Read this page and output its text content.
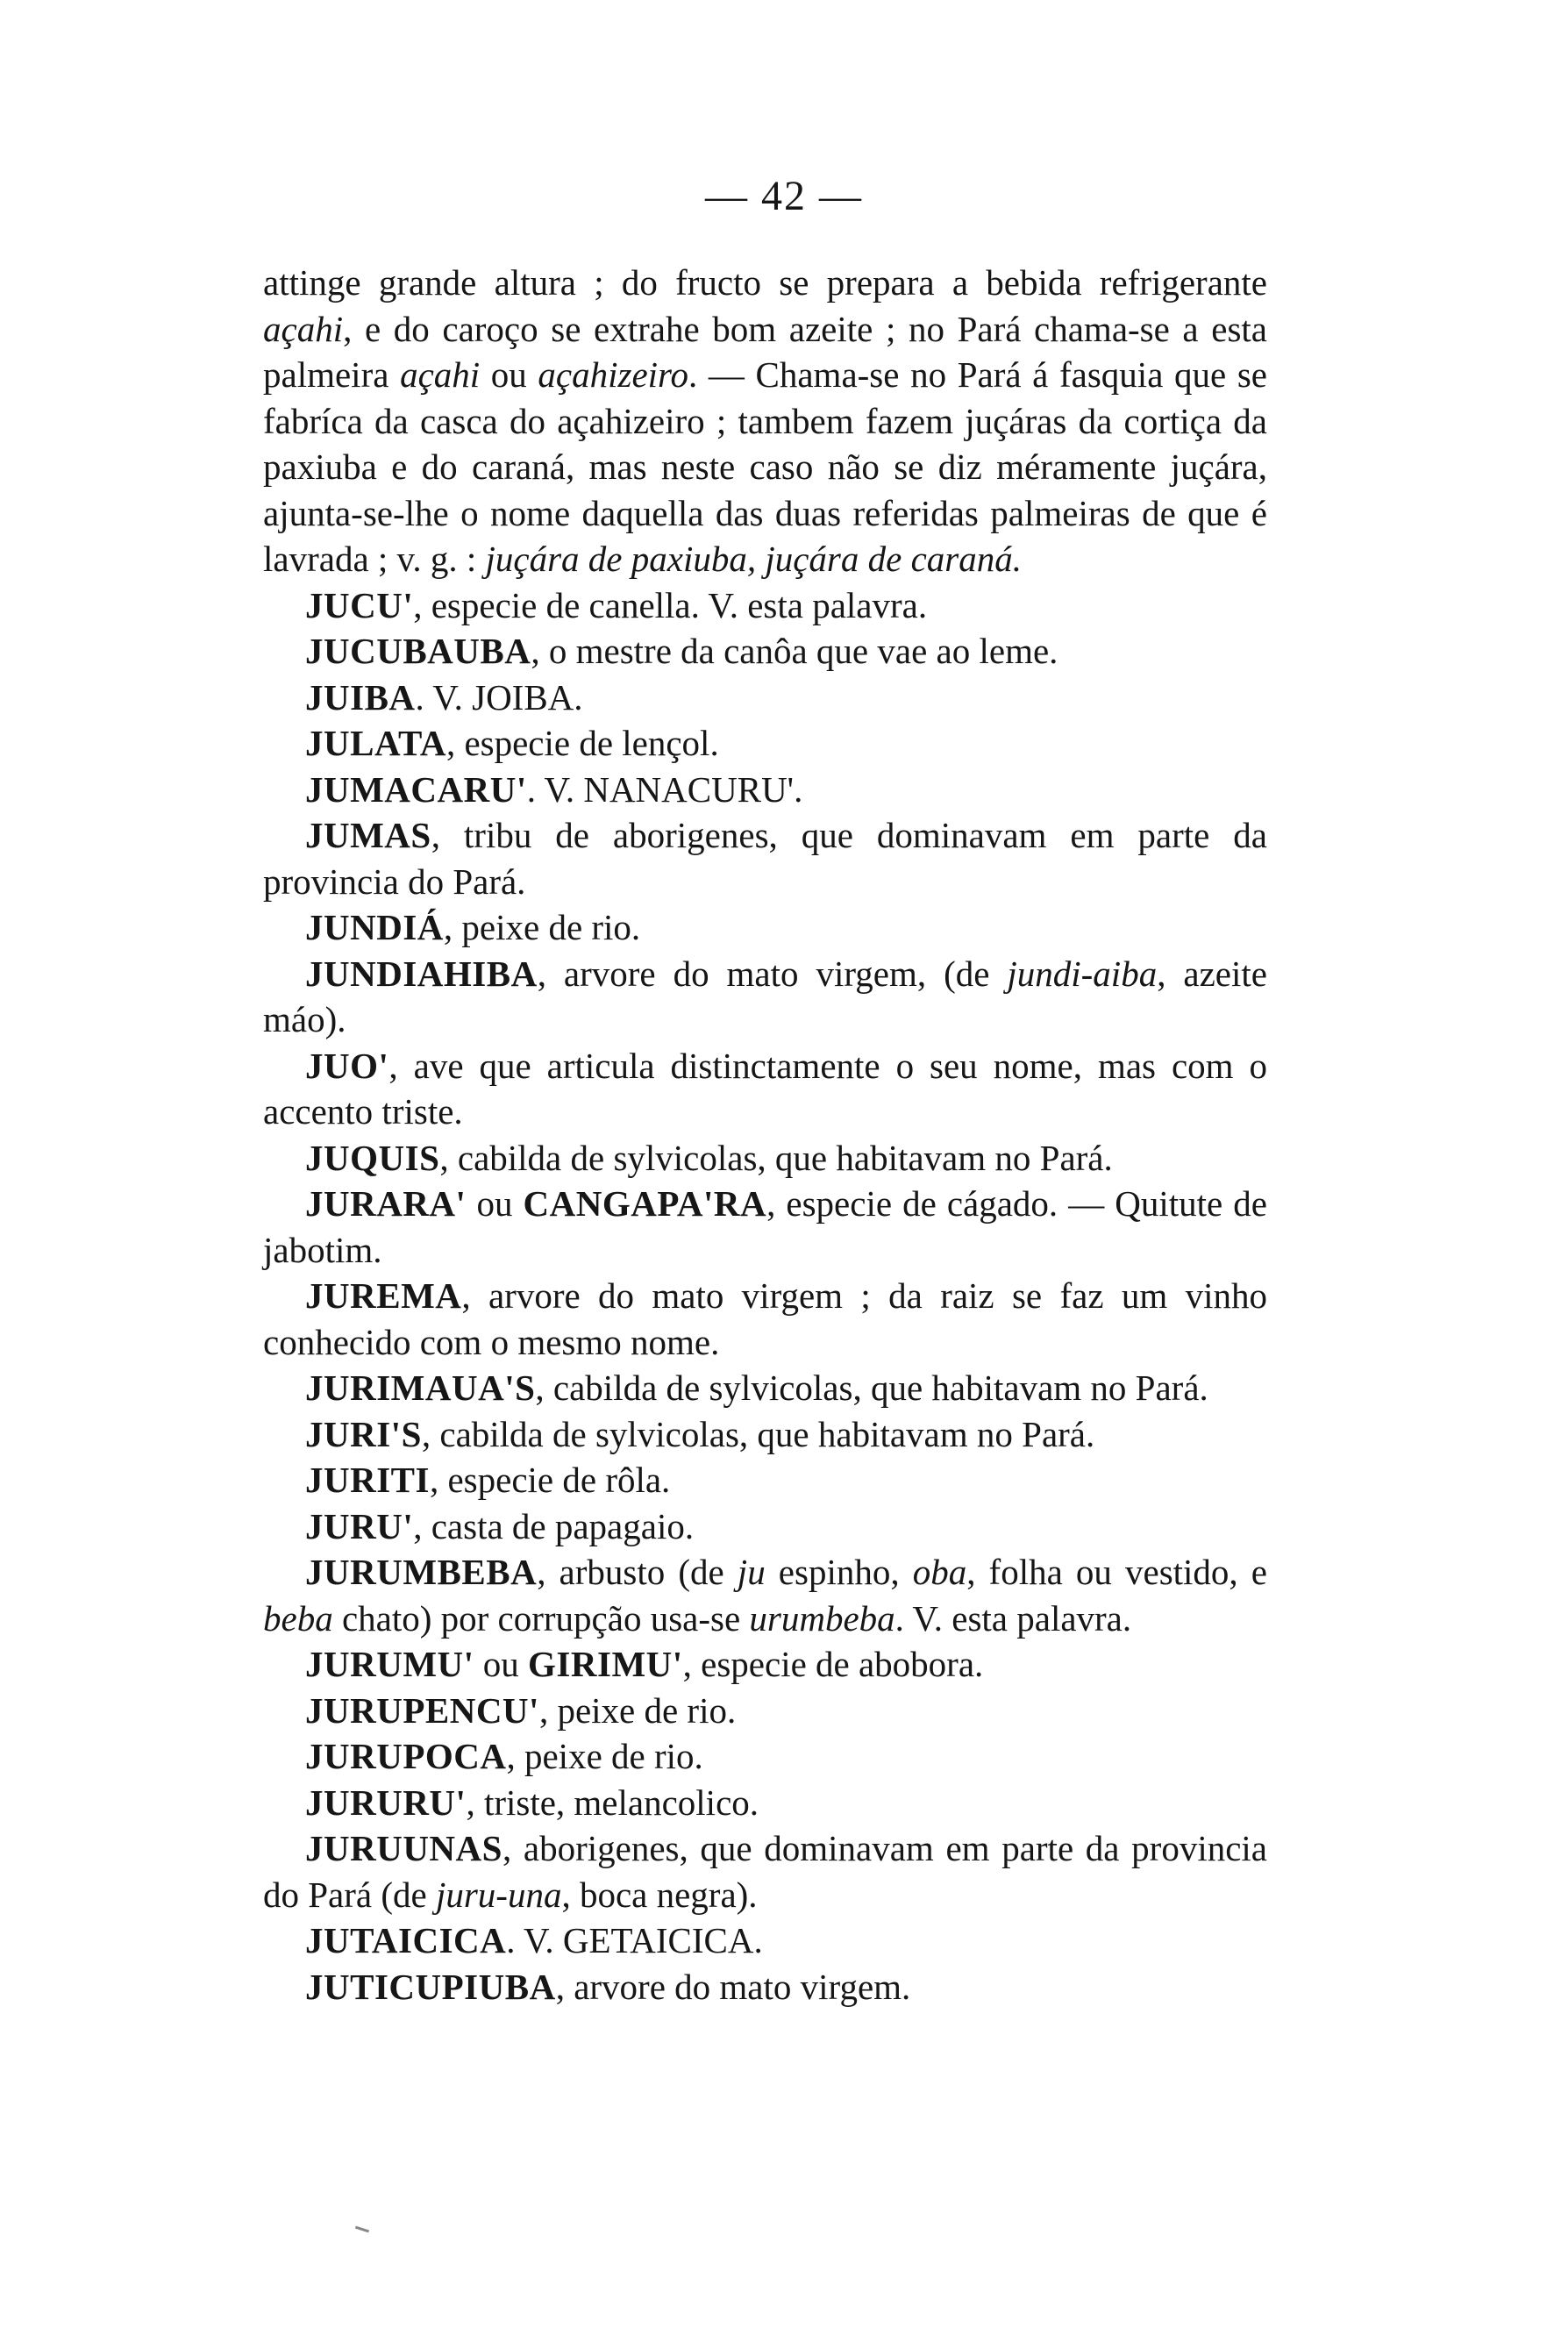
— 42 —

attinge grande altura ; do fructo se prepara a bebida refrigerante açahi, e do caroço se extrahe bom azeite ; no Pará chama-se a esta palmeira açahi ou açahizeiro. — Chama-se no Pará á fasquia que se fabríca da casca do açahizeiro ; tambem fazem juçáras da cortiça da paxiuba e do caraná, mas neste caso não se diz méramente juçára, ajunta-se-lhe o nome daquella das duas referidas palmeiras de que é lavrada ; v. g. : juçára de paxiuba, juçára de caraná.

JUCU', especie de canella. V. esta palavra.

JUCUBAUBA, o mestre da canôa que vae ao leme.

JUIBA. V. JOIBA.

JULATA, especie de lençol.

JUMACARU'. V. NANACURU'.

JUMAS, tribu de aborigenes, que dominavam em parte da provincia do Pará.

JUNDIÁ, peixe de rio.

JUNDIAHIBA, arvore do mato virgem, (de jundi-aiba, azeite máo).

JUO', ave que articula distinctamente o seu nome, mas com o accento triste.

JUQUIS, cabilda de sylvicolas, que habitavam no Pará.

JURARA' ou CANGAPA'RA, especie de cágado. — Quitute de jabotim.

JUREMA, arvore do mato virgem ; da raiz se faz um vinho conhecido com o mesmo nome.

JURIMAUA'S, cabilda de sylvicolas, que habitavam no Pará.

JURI'S, cabilda de sylvicolas, que habitavam no Pará.

JURITI, especie de rôla.

JURU', casta de papagaio.

JURUMBEBA, arbusto (de ju espinho, oba, folha ou vestido, e beba chato) por corrupção usa-se urumbeba. V. esta palavra.

JURUMU' ou GIRIMU', especie de abobora.

JURUPENCU', peixe de rio.

JURUPOCA, peixe de rio.

JURURU', triste, melancolico.

JURUUNAS, aborigenes, que dominavam em parte da provincia do Pará (de juru-una, boca negra).

JUTAICICA. V. GETAICICA.

JUTICUPIUBA, arvore do mato virgem.
